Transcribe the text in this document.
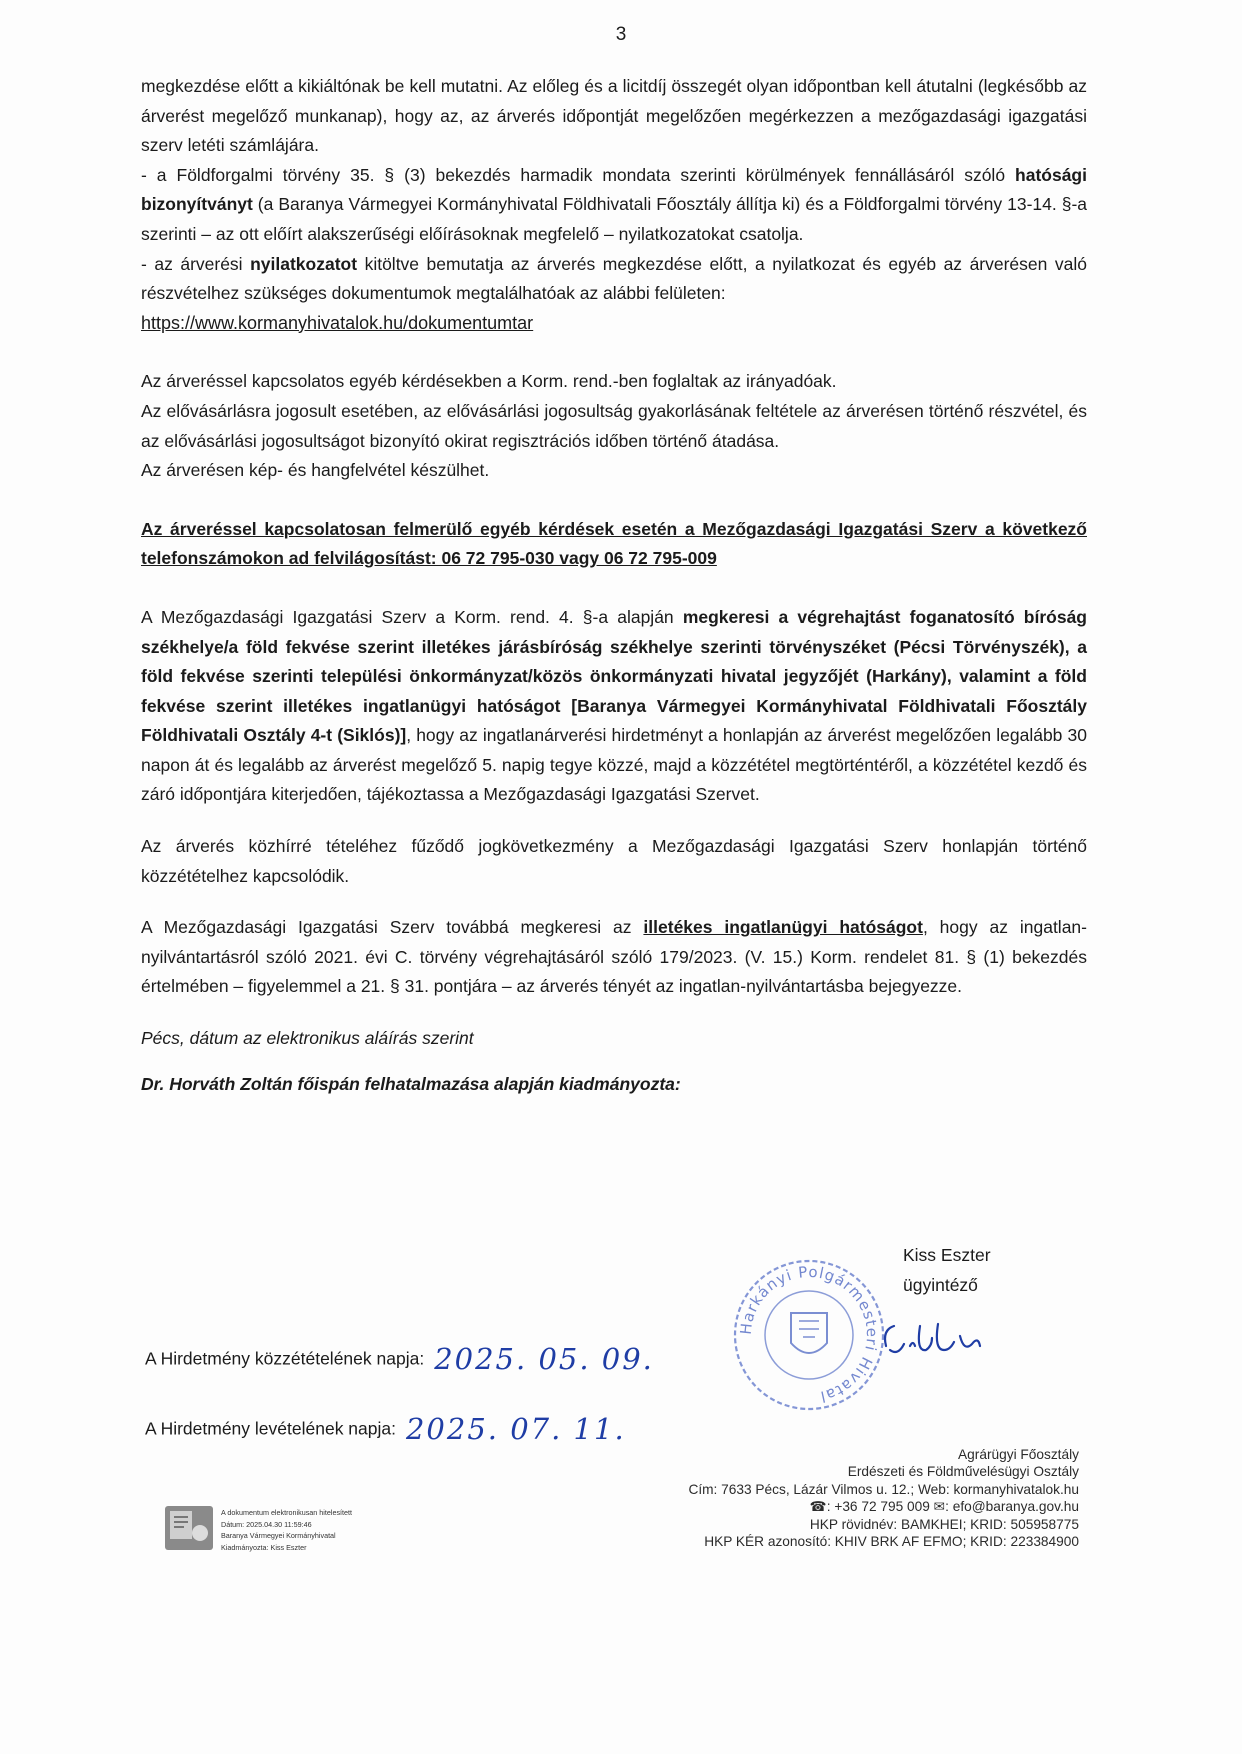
3

megkezdése előtt a kikiáltónak be kell mutatni. Az előleg és a licitdíj összegét olyan időpontban kell átutalni (legkésőbb az árverést megelőző munkanap), hogy az, az árverés időpontját megelőzően megérkezzen a mezőgazdasági igazgatási szerv letéti számlájára.

- a Földforgalmi törvény 35. § (3) bekezdés harmadik mondata szerinti körülmények fennállásáról szóló hatósági bizonyítványt (a Baranya Vármegyei Kormányhivatal Földhivatali Főosztály állítja ki) és a Földforgalmi törvény 13-14. §-a szerinti – az ott előírt alakszerűségi előírásoknak megfelelő – nyilatkozatokat csatolja.

- az árverési nyilatkozatot kitöltve bemutatja az árverés megkezdése előtt, a nyilatkozat és egyéb az árverésen való részvételhez szükséges dokumentumok megtalálhatóak az alábbi felületen:

https://www.kormanyhivatalok.hu/dokumentumtar

Az árveréssel kapcsolatos egyéb kérdésekben a Korm. rend.-ben foglaltak az irányadóak.

Az elővásárlásra jogosult esetében, az elővásárlási jogosultság gyakorlásának feltétele az árverésen történő részvétel, és az elővásárlási jogosultságot bizonyító okirat regisztrációs időben történő átadása.

Az árverésen kép- és hangfelvétel készülhet.

Az árveréssel kapcsolatosan felmerülő egyéb kérdések esetén a Mezőgazdasági Igazgatási Szerv a következő telefonszámokon ad felvilágosítást: 06 72 795-030 vagy 06 72 795-009

A Mezőgazdasági Igazgatási Szerv a Korm. rend. 4. §-a alapján megkeresi a végrehajtást foganatosító bíróság székhelye/a föld fekvése szerint illetékes járásbíróság székhelye szerinti törvényszéket (Pécsi Törvényszék), a föld fekvése szerinti települési önkormányzat/közös önkormányzati hivatal jegyzőjét (Harkány), valamint a föld fekvése szerint illetékes ingatlanügyi hatóságot [Baranya Vármegyei Kormányhivatal Földhivatali Főosztály Földhivatali Osztály 4-t (Siklós)], hogy az ingatlanárverési hirdetményt a honlapján az árverést megelőzően legalább 30 napon át és legalább az árverést megelőző 5. napig tegye közzé, majd a közzététel megtörténtéről, a közzététel kezdő és záró időpontjára kiterjedően, tájékoztassa a Mezőgazdasági Igazgatási Szervet.

Az árverés közhírré tételéhez fűződő jogkövetkezmény a Mezőgazdasági Igazgatási Szerv honlapján történő közzétételhez kapcsolódik.

A Mezőgazdasági Igazgatási Szerv továbbá megkeresi az illetékes ingatlanügyi hatóságot, hogy az ingatlan-nyilvántartásról szóló 2021. évi C. törvény végrehajtásáról szóló 179/2023. (V. 15.) Korm. rendelet 81. § (1) bekezdés értelmében – figyelemmel a 21. § 31. pontjára – az árverés tényét az ingatlan-nyilvántartásba bejegyezze.

Pécs, dátum az elektronikus aláírás szerint

Dr. Horváth Zoltán főispán felhatalmazása alapján kiadmányozta:

Kiss Eszter
ügyintéző
Harkányi Polgármesteri Hivatal
A Hirdetmény közzétételének napja: 2025. 05. 09.
A Hirdetmény levételének napja: 2025. 07. 11.
Agrárügyi Főosztály
Erdészeti és Földművelésügyi Osztály
Cím: 7633 Pécs, Lázár Vilmos u. 12.; Web: kormanyhivatalok.hu
☎: +36 72 795 009 ✉: efo@baranya.gov.hu
HKP rövidnév: BAMKHEI; KRID: 505958775
HKP KÉR azonosító: KHIV BRK AF EFMO; KRID: 223384900
A dokumentum elektronikusan hitelesített
Dátum: 2025.04.30 11:59:46
Baranya Vármegyei Kormányhivatal
Kiadmányozta: Kiss Eszter
